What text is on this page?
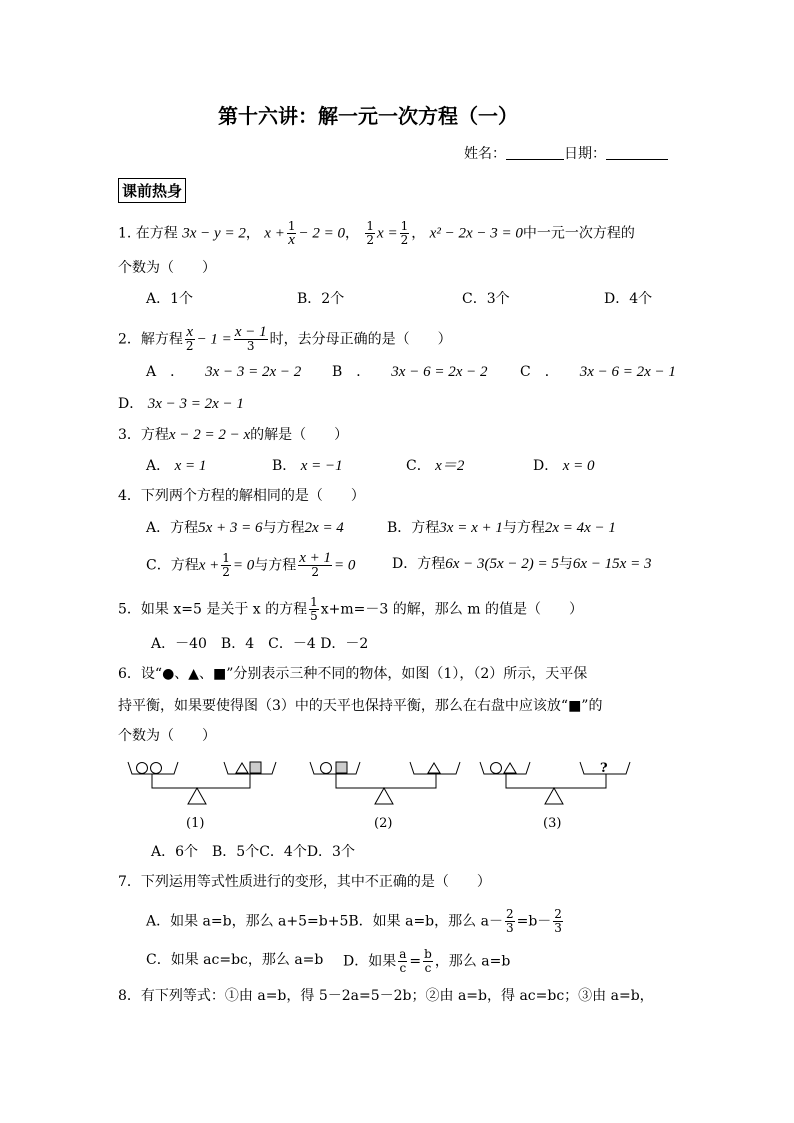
第十六讲：解一元一次方程（一）
姓名：	日期：
课前热身
1. 在方程 3x − y = 2， $x + \frac{1}{x} - 2 = 0$， $\frac{1}{2}$ $x = \frac{1}{2}$ ， x² − 2x − 3 = 0中一元一次方程的
个数为（　　）
A．1个	B．2个	C．3个	D．4个
2．解方程 $\frac{x}{2} - 1 = \frac{x - 1}{3}$ 时，去分母正确的是（　　）
A　．　　 3x − 3 = 2x − 2 B　．　　 3x − 6 = 2x − 2 C　．　　 3x − 6 = 2x − 1
D． 3x − 3 = 2x − 1
3．方程x − 2 = 2 − x的解是（　　）
A． x = 1	B． x = −1	C． x＝2	D． x = 0
4．下列两个方程的解相同的是（　　）
A．方程5x + 3 = 6与方程2x = 4	B．方程3x = x + 1与方程2x = 4x − 1
C．方程$x + \frac{1}{2} = 0$与方程 $\frac{x + 1}{2} = 0$	D．方程6x − 3(5x − 2) = 5与6x − 15x = 3
5．如果 x=5 是关于 x 的方程 $\frac{1}{5} x+m=-3$ 的解，那么 m 的值是（　　）
A．－40　B．4　C．－4 D．－2
6．设“●、▲、■”分别表示三种不同的物体，如图（1），（2）所示，天平保
持平衡，如果要使得图（3）中的天平也保持平衡，那么在右盘中应该放“■”的
个数为（　　）
?
(1)	(2)	(3)
A．6个　B．5个C．4个D．3个
7．下列运用等式性质进行的变形，其中不正确的是（　　）
A．如果 a=b，那么 a+5=b+5B．如果 a=b，那么 $a- \frac{2}{3} =b- \frac{2}{3}$
C．如果 ac=bc，那么 a=b D．如果 $\frac{a}{c} = \frac{b}{c}$ ，那么 a=b
8．有下列等式：①由 a=b，得 5－2a=5－2b；②由 a=b，得 ac=bc；③由 a=b，
